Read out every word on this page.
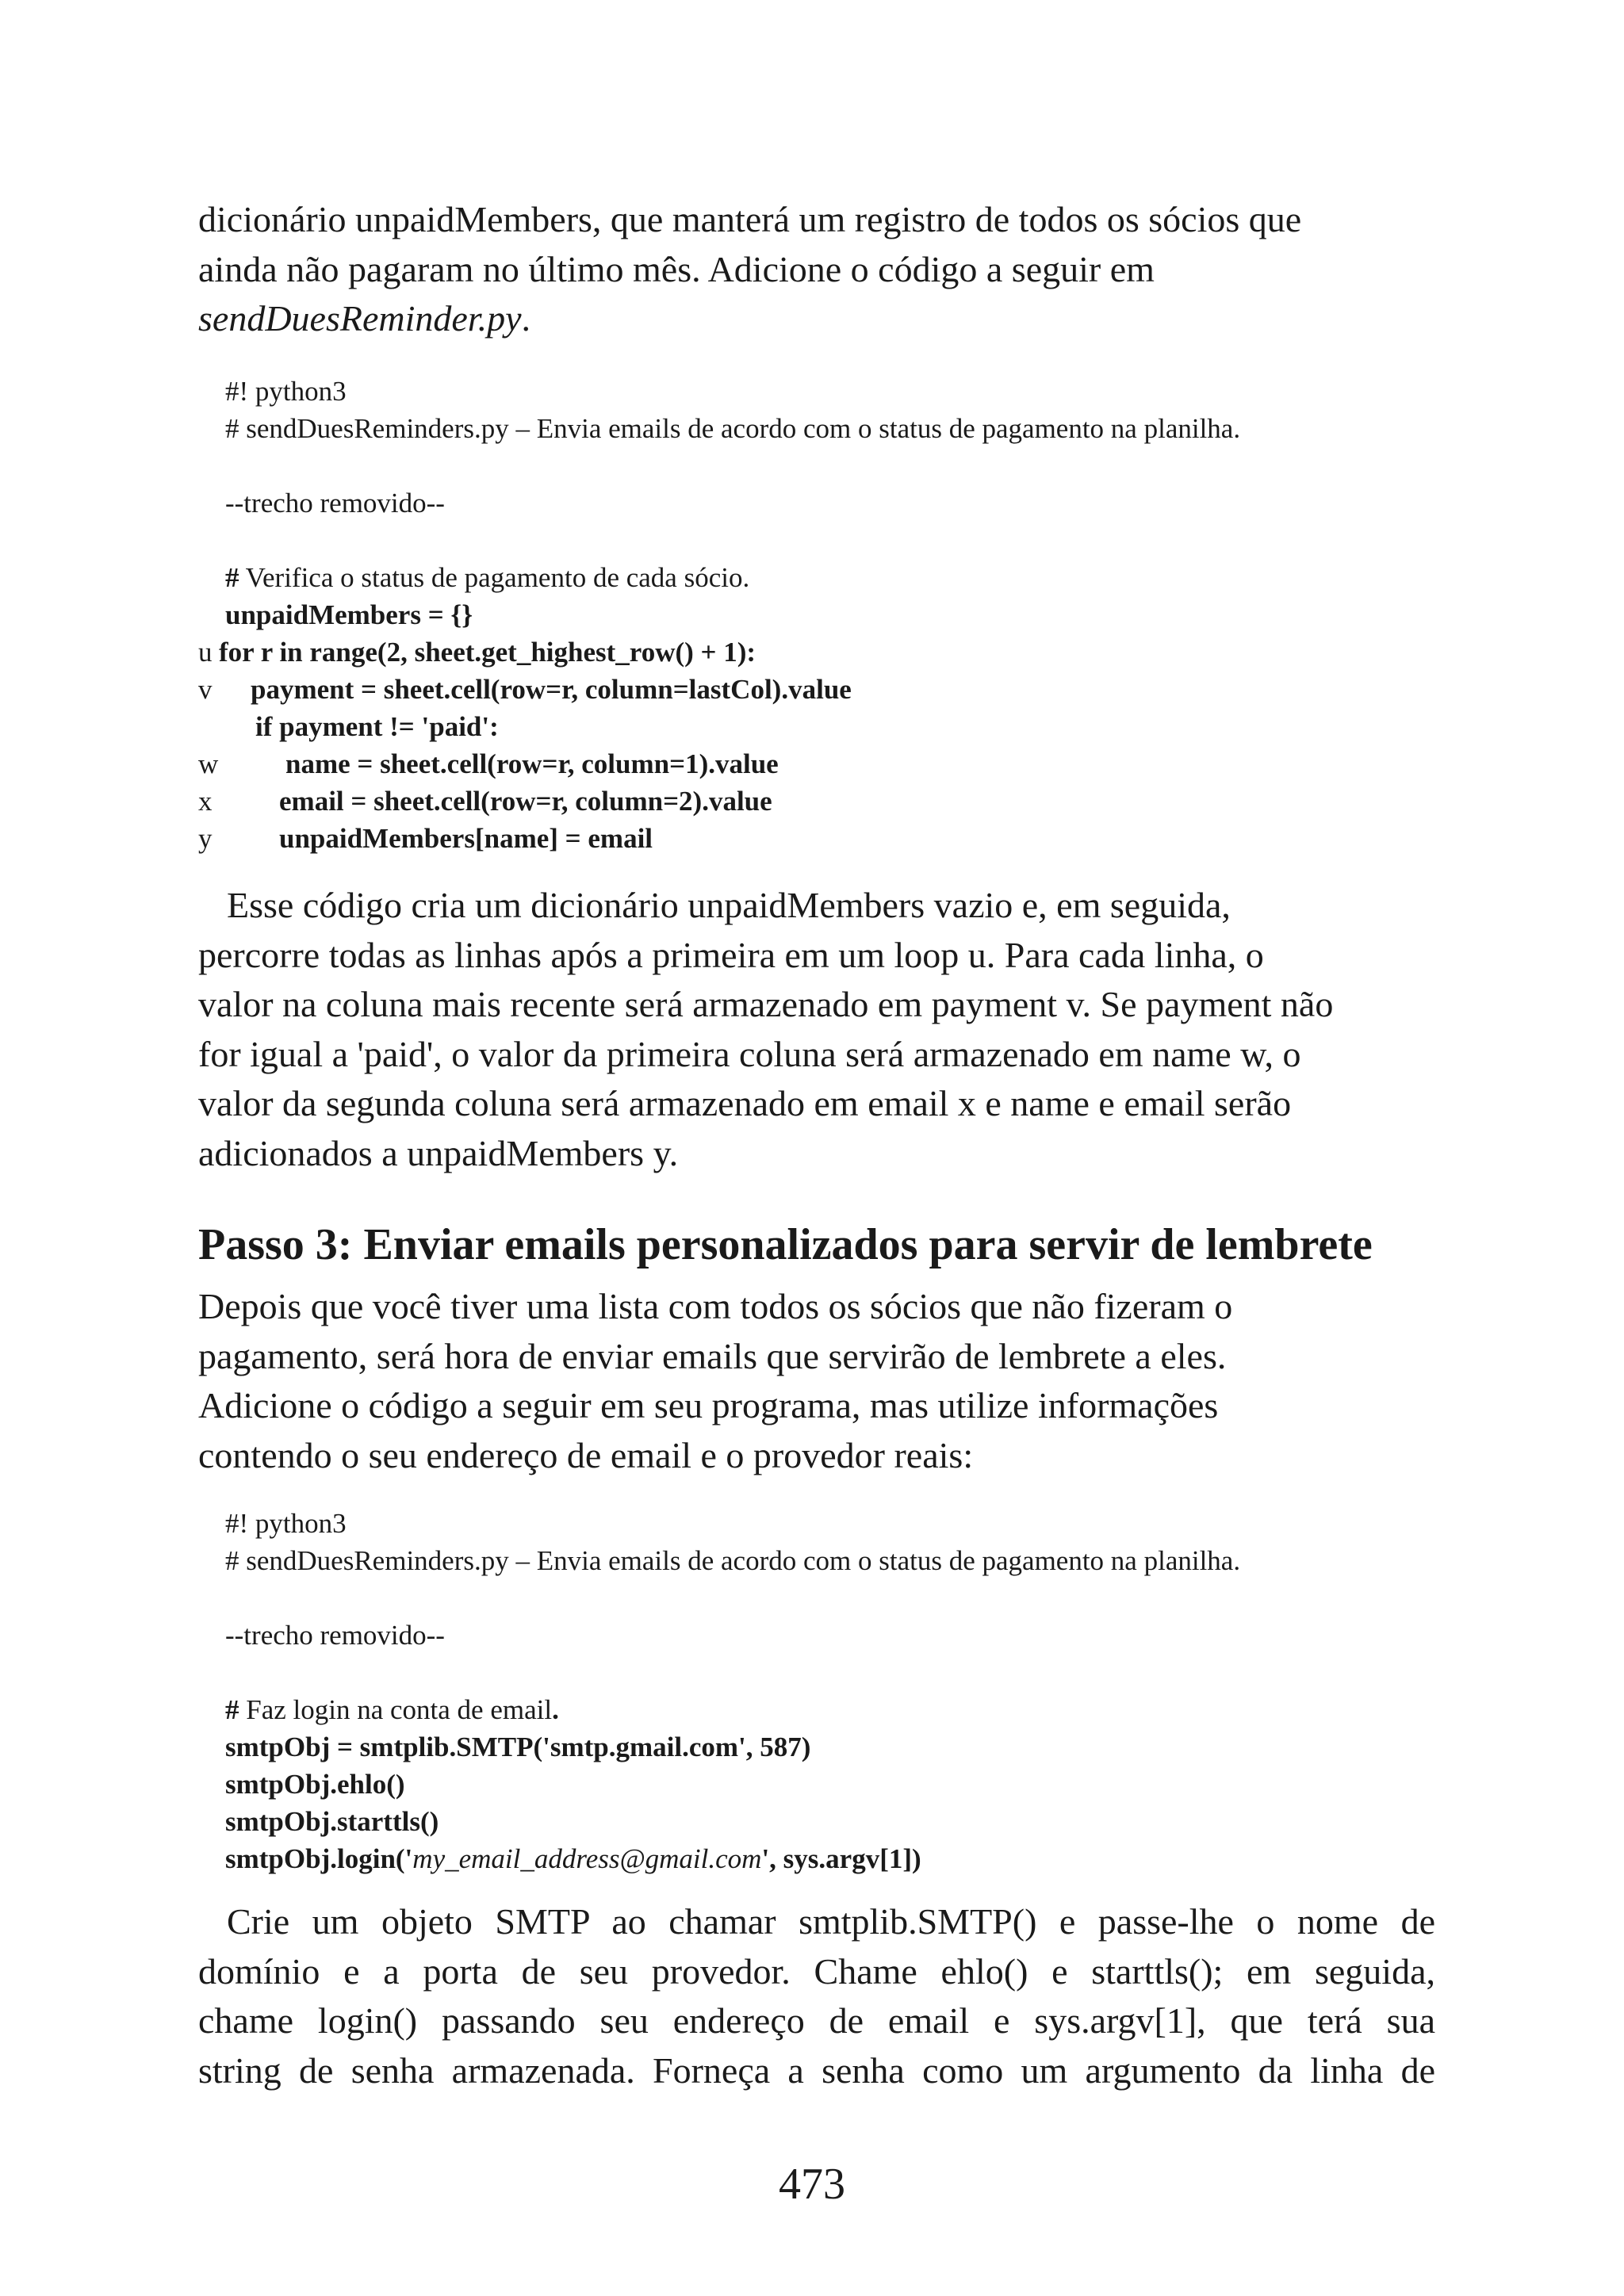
dicionário unpaidMembers, que manterá um registro de todos os sócios que
ainda não pagaram no último mês. Adicione o código a seguir em
sendDuesReminder.py.
#! python3
# sendDuesReminders.py – Envia emails de acordo com o status de pagamento na planilha.
--trecho removido--
# Verifica o status de pagamento de cada sócio.
unpaidMembers = {}
u for r in range(2, sheet.get_highest_row() + 1):
v payment = sheet.cell(row=r, column=lastCol).value
if payment != 'paid':
w name = sheet.cell(row=r, column=1).value
x email = sheet.cell(row=r, column=2).value
y unpaidMembers[name] = email
Esse código cria um dicionário unpaidMembers vazio e, em seguida,
percorre todas as linhas após a primeira em um loop u. Para cada linha, o
valor na coluna mais recente será armazenado em payment v. Se payment não
for igual a 'paid', o valor da primeira coluna será armazenado em name w, o
valor da segunda coluna será armazenado em email x e name e email serão
adicionados a unpaidMembers y.
Passo 3: Enviar emails personalizados para servir de lembrete
Depois que você tiver uma lista com todos os sócios que não fizeram o
pagamento, será hora de enviar emails que servirão de lembrete a eles.
Adicione o código a seguir em seu programa, mas utilize informações
contendo o seu endereço de email e o provedor reais:
#! python3
# sendDuesReminders.py – Envia emails de acordo com o status de pagamento na planilha.
--trecho removido--
# Faz login na conta de email.
smtpObj = smtplib.SMTP('smtp.gmail.com', 587)
smtpObj.ehlo()
smtpObj.starttls()
smtpObj.login('my_email_address@gmail.com', sys.argv[1])
Crie um objeto SMTP ao chamar smtplib.SMTP() e passe-lhe o nome de
domínio e a porta de seu provedor. Chame ehlo() e starttls(); em seguida,
chame login() passando seu endereço de email e sys.argv[1], que terá sua
string de senha armazenada. Forneça a senha como um argumento da linha de
473
